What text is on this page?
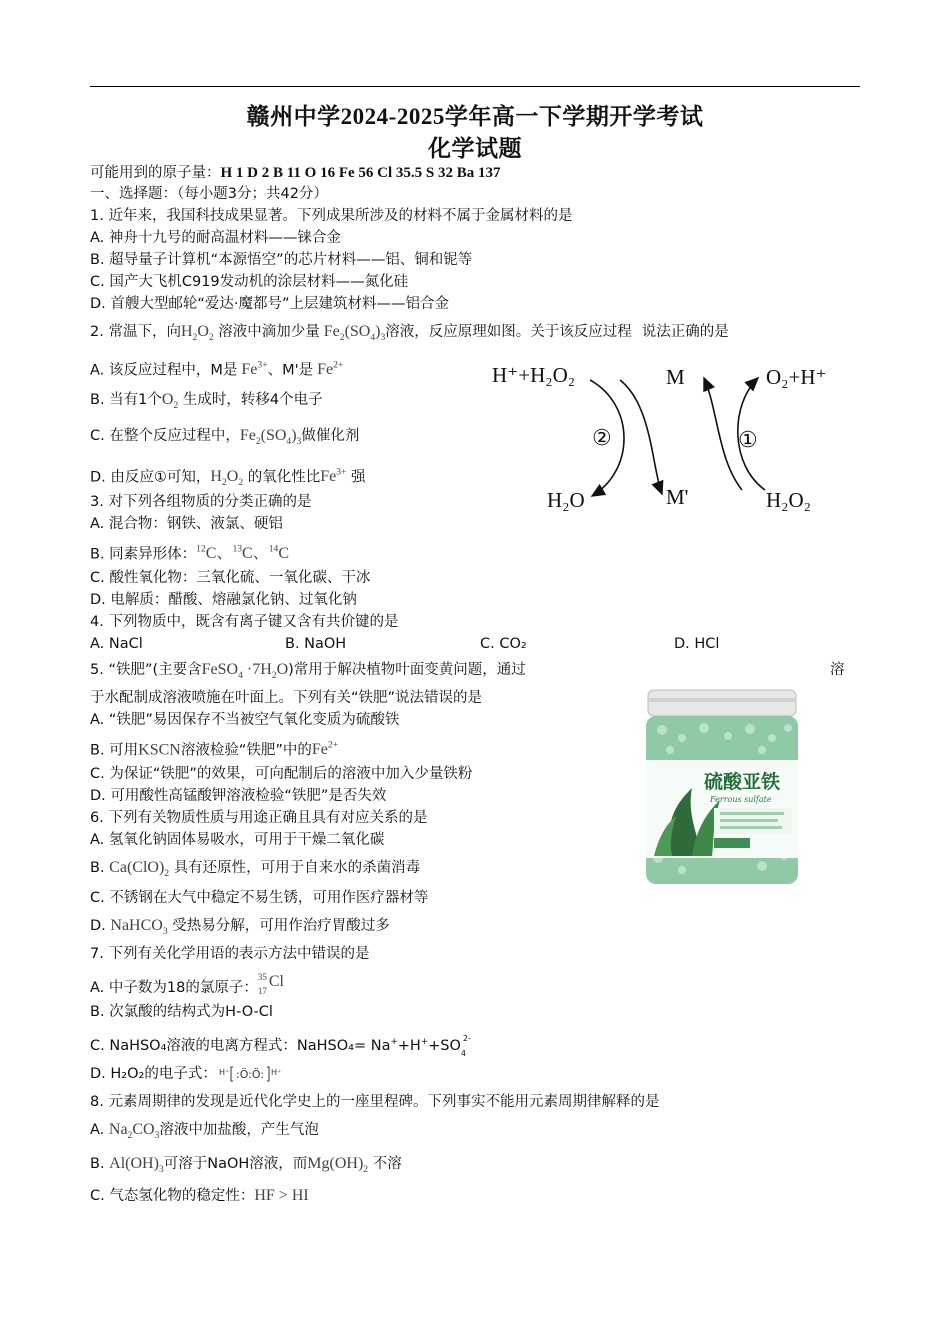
赣州中学2024-2025学年高一下学期开学考试
化学试题
可能用到的原子量：H 1 D 2 B 11 O 16 Fe 56 Cl 35.5 S 32 Ba 137
一、选择题：（每小题3分；共42分）
1. 近年来，我国科技成果显著。下列成果所涉及的材料不属于金属材料的是
A. 神舟十九号的耐高温材料——铼合金
B. 超导量子计算机“本源悟空”的芯片材料——铝、铜和铌等
C. 国产大飞机C919发动机的涂层材料——氮化硅
D. 首艘大型邮轮“爱达·魔都号”上层建筑材料——铝合金
2. 常温下，向$H_2O_2$ 溶液中滴加少量 $Fe_2(SO_4)_3$溶液，反应原理如图。关于该反应过程 说法正确的是
A. 该反应过程中，M是 $Fe^{3+}$、M'是 $Fe^{2+}$
B. 当有1个$O_2$ 生成时，转移4个电子
C. 在整个反应过程中，$Fe_2(SO_4)_3$做催化剂
D. 由反应①可知，$H_2O_2$ 的氧化性比$Fe^{3+}$ 强
H⁺+H₂O₂	M	O₂+H⁺
H₂O	M'	H₂O₂
②	①
3. 对下列各组物质的分类正确的是
A. 混合物：钢铁、液氯、硬铝
B. 同素异形体：$^{12}$C、$^{13}$C、$^{14}$C
C. 酸性氧化物：三氧化硫、一氧化碳、干冰
D. 电解质：醋酸、熔融氯化钠、过氧化钠
4. 下列物质中，既含有离子键又含有共价键的是
A. NaCl	B. NaOH	C. CO₂	D. HCl
5. “铁肥”(主要含FeSO$_4$ $\cdot 7H_2O$)常用于解决植物叶面变黄问题，通过	溶
于水配制成溶液喷施在叶面上。下列有关“铁肥”说法错误的是
A. “铁肥”易因保存不当被空气氧化变质为硫酸铁
B. 可用KSCN溶液检验“铁肥”中的$Fe^{2+}$
C. 为保证“铁肥”的效果，可向配制后的溶液中加入少量铁粉
D. 可用酸性高锰酸钾溶液检验“铁肥”是否失效
硫酸亚铁
Ferrous sulfate
6. 下列有关物质性质与用途正确且具有对应关系的是
A. 氢氧化钠固体易吸水，可用于干燥二氧化碳
B. $Ca(ClO)_2$ 具有还原性，可用于自来水的杀菌消毒
C. 不锈钢在大气中稳定不易生锈，可用作医疗器材等
D. NaHCO$_3$ 受热易分解，可用作治疗胃酸过多
7. 下列有关化学用语的表示方法中错误的是
A. 中子数为18的氯原子：
35
17
Cl
B. 次氯酸的结构式为H-O-Cl
C. NaHSO₄溶液的电离方程式：NaHSO₄= Na++H++SO 2-
4
D. H₂O₂的电子式： H⁺ :Ö:Ö: H⁺
8. 元素周期律的发现是近代化学史上的一座里程碑。下列事实不能用元素周期律解释的是
A. $Na_2CO_3$溶液中加盐酸，产生气泡
B. $Al(OH)_3$可溶于NaOH溶液，而$Mg(OH)_2$ 不溶
C. 气态氢化物的稳定性：HF > HI
